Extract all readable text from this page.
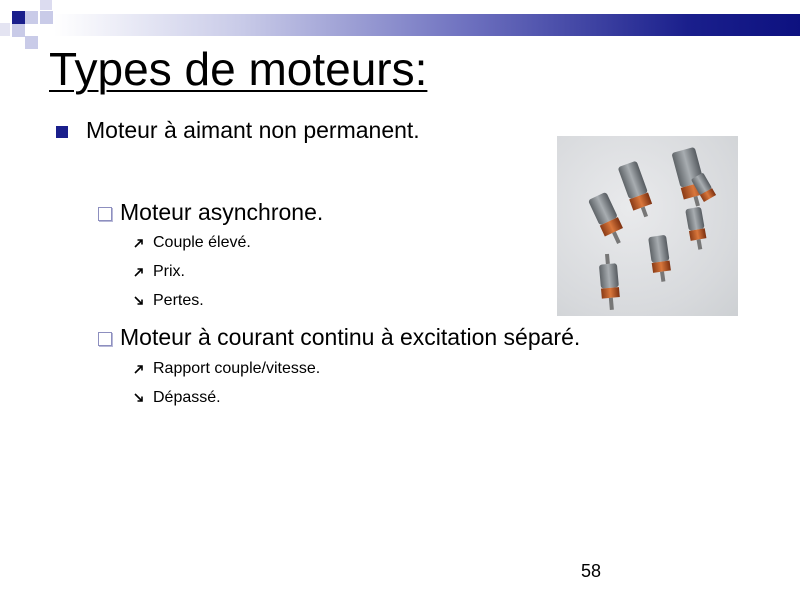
Types de moteurs:
Moteur à aimant non permanent.
Moteur asynchrone.
Couple élevé.
Prix.
Pertes.
Moteur à courant continu à excitation séparé.
Rapport couple/vitesse.
Dépassé.
58
